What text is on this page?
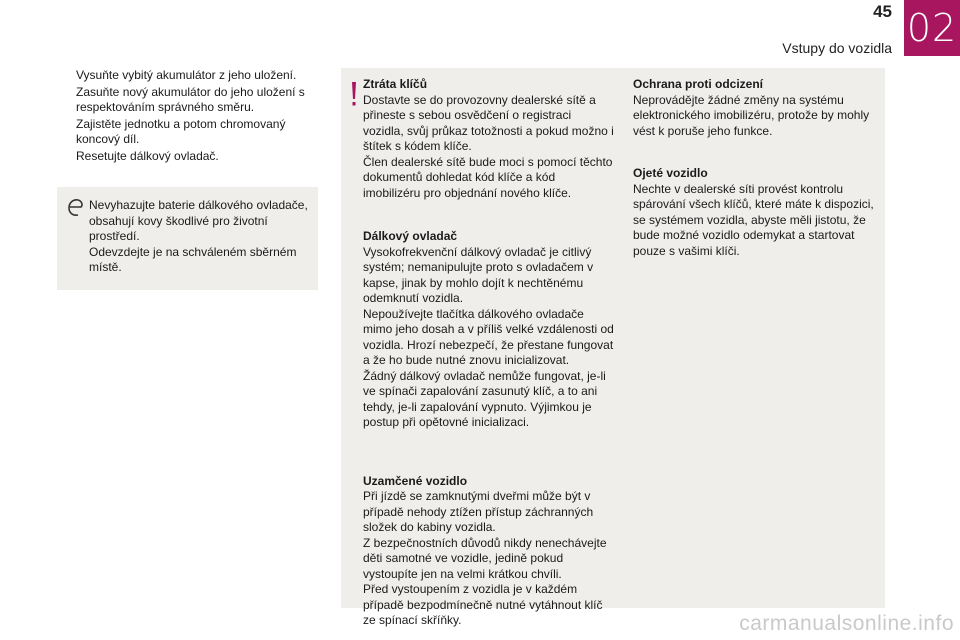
45
Vstupy do vozidla 02
Vysuňte vybitý akumulátor z jeho uložení.
Zasuňte nový akumulátor do jeho uložení s respektováním správného směru.
Zajistěte jednotku a potom chromovaný koncový díl.
Resetujte dálkový ovladač.

Nevyhazujte baterie dálkového ovladače, obsahují kovy škodlivé pro životní prostředí.
Odevzdejte je na schváleném sběrném místě.

Ztráta klíčů

Dostavte se do provozovny dealerské sítě a přineste s sebou osvědčení o registraci vozidla, svůj průkaz totožnosti a pokud možno i štítek s kódem klíče.
Člen dealerské sítě bude moci s pomocí těchto dokumentů dohledat kód klíče a kód imobilizéru pro objednání nového klíče.

Dálkový ovladač

Vysokofrekvenční dálkový ovladač je citlivý systém; nemanipulujte proto s ovladačem v kapse, jinak by mohlo dojít k nechtěnému odemknutí vozidla.
Nepoužívejte tlačítka dálkového ovladače mimo jeho dosah a v příliš velké vzdálenosti od vozidla. Hrozí nebezpečí, že přestane fungovat a že ho bude nutné znovu inicializovat.
Žádný dálkový ovladač nemůže fungovat, je-li ve spínači zapalování zasunutý klíč, a to ani tehdy, je-li zapalování vypnuto. Výjimkou je postup při opětovné inicializaci.

Uzamčené vozidlo

Při jízdě se zamknutými dveřmi může být v případě nehody ztížen přístup záchranných složek do kabiny vozidla.
Z bezpečnostních důvodů nikdy nenechávejte děti samotné ve vozidle, jedině pokud vystoupíte jen na velmi krátkou chvíli.
Před vystoupením z vozidla je v každém případě bezpodmínečně nutné vytáhnout klíč ze spínací skříňky.

Ochrana proti odcizení

Neprovádějte žádné změny na systému elektronického imobilizéru, protože by mohly vést k poruše jeho funkce.

Ojeté vozidlo

Nechte v dealerské síti provést kontrolu spárování všech klíčů, které máte k dispozici, se systémem vozidla, abyste měli jistotu, že bude možné vozidlo odemykat a startovat pouze s vašimi klíči.

carmanualsonline.info
